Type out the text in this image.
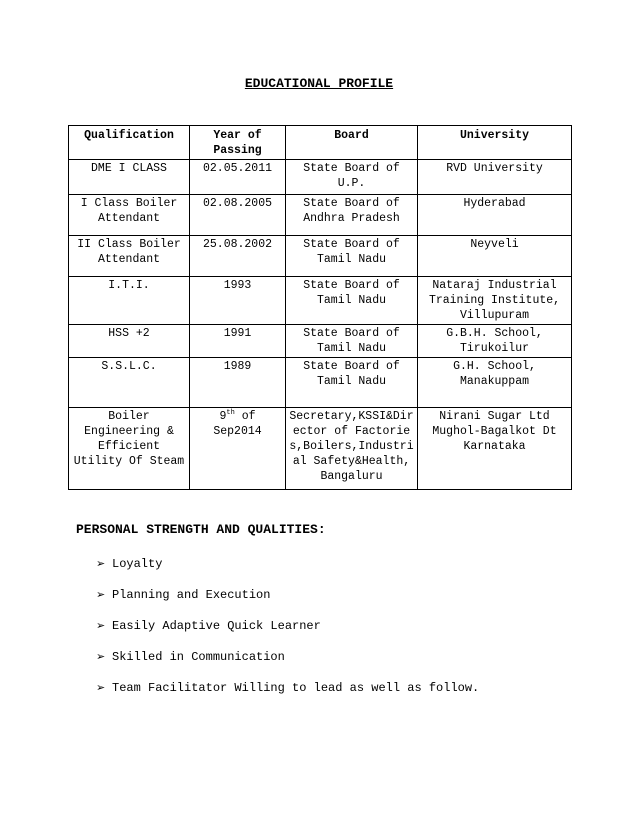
EDUCATIONAL PROFILE
Qualification	Year of Passing	Board	University
DME I CLASS	02.05.2011	State Board of U.P.	RVD University
I Class Boiler Attendant	02.08.2005	State Board of Andhra Pradesh	Hyderabad
II Class Boiler Attendant	25.08.2002	State Board of Tamil Nadu	Neyveli
I.T.I.	1993	State Board of Tamil Nadu	Nataraj Industrial Training Institute, Villupuram
HSS +2	1991	State Board of Tamil Nadu	G.B.H. School, Tirukoilur
S.S.L.C.	1989	State Board of Tamil Nadu	G.H. School, Manakuppam
Boiler Engineering & Efficient Utility Of Steam	9th of Sep2014	Secretary,KSSI&Director of Factories,Boilers,Industrial Safety&Health, Bangaluru	Nirani Sugar Ltd Mughol-Bagalkot Dt Karnataka
PERSONAL STRENGTH AND QUALITIES:
➢ Loyalty
➢ Planning and Execution
➢ Easily Adaptive Quick Learner
➢ Skilled in Communication
➢ Team Facilitator Willing to lead as well as follow.
